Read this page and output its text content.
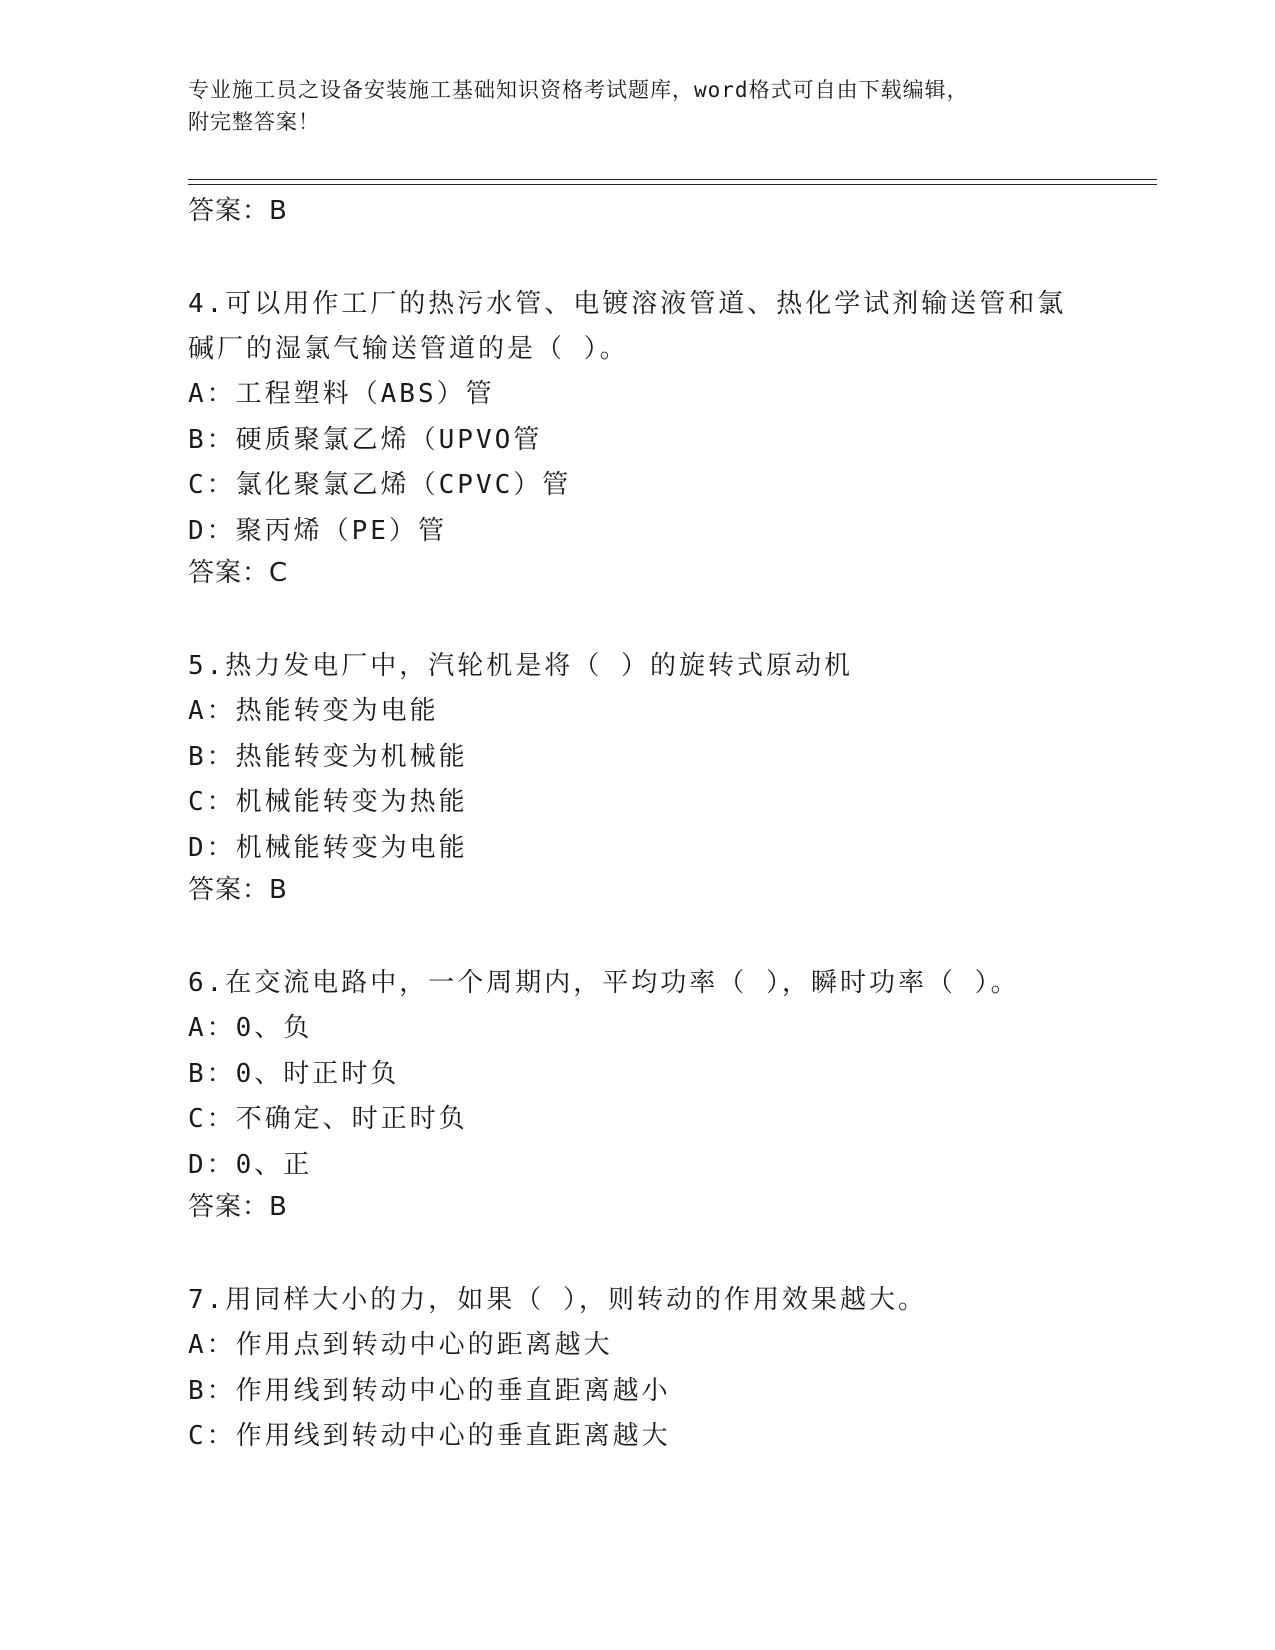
专业施工员之设备安装施工基础知识资格考试题库，word格式可自由下载编辑，
附完整答案！
答案：B
4.可以用作工厂的热污水管、电镀溶液管道、热化学试剂输送管和氯碱厂的湿氯气输送管道的是（ ）。
A：工程塑料（ABS）管
B：硬质聚氯乙烯（UPVO管
C：氯化聚氯乙烯（CPVC）管
D：聚丙烯（PE）管
答案：C
5.热力发电厂中，汽轮机是将（ ）的旋转式原动机
A：热能转变为电能
B：热能转变为机械能
C：机械能转变为热能
D：机械能转变为电能
答案：B
6.在交流电路中，一个周期内，平均功率（ ），瞬时功率（ ）。
A：0、负
B：0、时正时负
C：不确定、时正时负
D：0、正
答案：B
7.用同样大小的力，如果（ ），则转动的作用效果越大。
A：作用点到转动中心的距离越大
B：作用线到转动中心的垂直距离越小
C：作用线到转动中心的垂直距离越大
